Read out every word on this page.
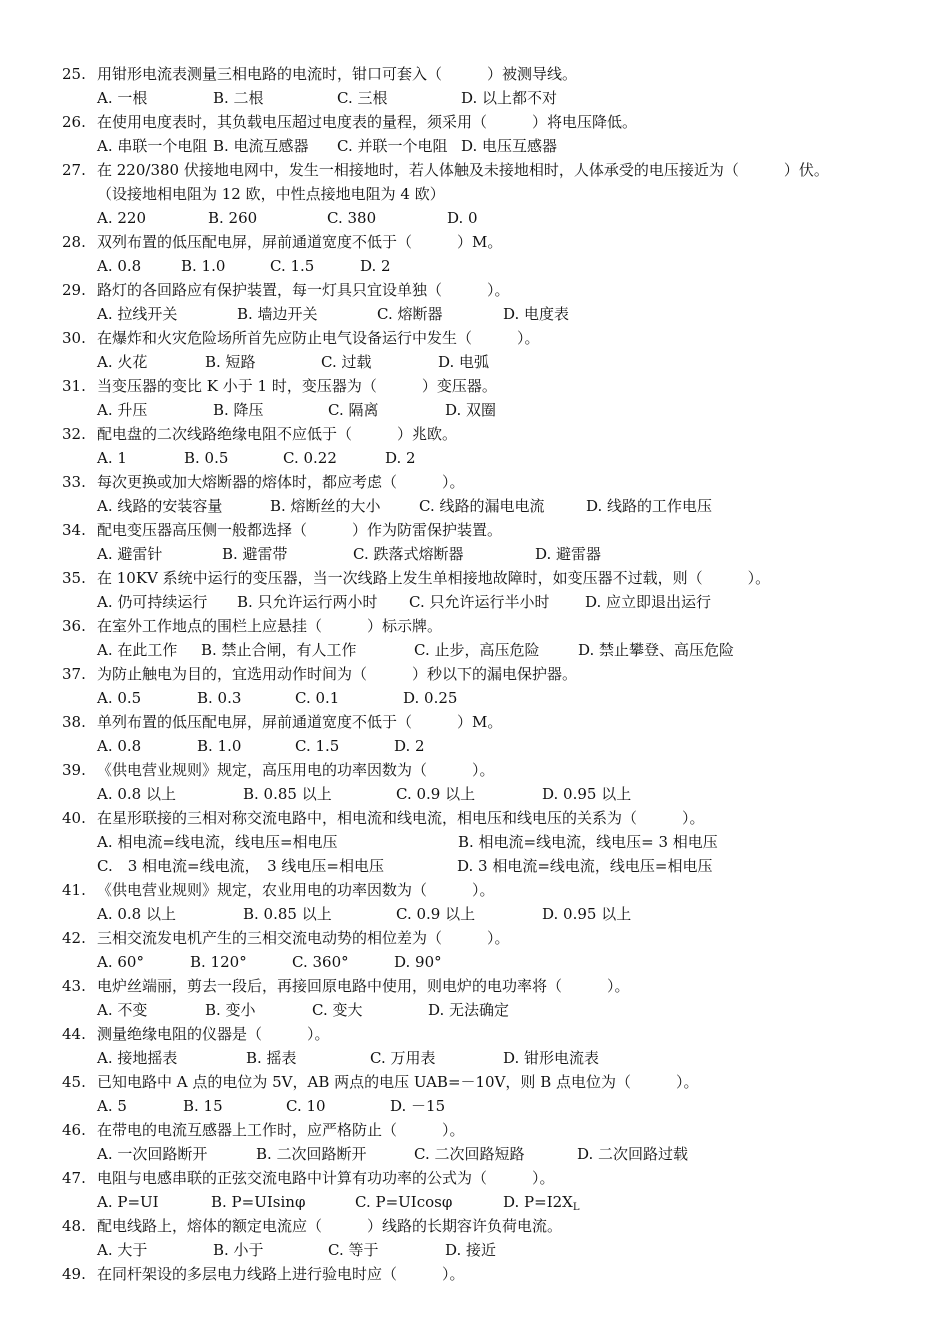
25. 用钳形电流表测量三相电路的电流时，钳口可套入（　　　）被测导线。
A. 一根	B. 二根	C. 三根	D. 以上都不对
26. 在使用电度表时，其负载电压超过电度表的量程，须采用（　　　）将电压降低。
A. 串联一个电阻 B. 电流互感器 C. 并联一个电阻 D. 电压互感器
27. 在 220/380 伏接地电网中，发生一相接地时，若人体触及未接地相时，人体承受的电压接近为（　　　）伏。
（设接地相电阻为 12 欧，中性点接地电阻为 4 欧）
A. 220	B. 260	C. 380	D. 0
28. 双列布置的低压配电屏，屏前通道宽度不低于（　　　）M。
A. 0.8	B. 1.0	C. 1.5	D. 2
29. 路灯的各回路应有保护装置，每一灯具只宜设单独（　　　）。
A. 拉线开关	B. 墙边开关	C. 熔断器	D. 电度表
30. 在爆炸和火灾危险场所首先应防止电气设备运行中发生（　　　）。
A. 火花	B. 短路	C. 过载	D. 电弧
31. 当变压器的变比 K 小于 1 时，变压器为（　　　）变压器。
A. 升压	B. 降压	C. 隔离	D. 双圈
32. 配电盘的二次线路绝缘电阻不应低于（　　　）兆欧。
A. 1	B. 0.5	C. 0.22	D. 2
33. 每次更换或加大熔断器的熔体时，都应考虑（　　　）。
A. 线路的安装容量	B. 熔断丝的大小	C. 线路的漏电电流	D. 线路的工作电压
34. 配电变压器高压侧一般都选择（　　　）作为防雷保护装置。
A. 避雷针	B. 避雷带	C. 跌落式熔断器	D. 避雷器
35. 在 10KV 系统中运行的变压器，当一次线路上发生单相接地故障时，如变压器不过载，则（　　　）。
A. 仍可持续运行 B. 只允许运行两小时 C. 只允许运行半小时 D. 应立即退出运行
36. 在室外工作地点的围栏上应悬挂（　　　）标示牌。
A. 在此工作 B. 禁止合闸，有人工作	C. 止步，高压危险	D. 禁止攀登、高压危险
37. 为防止触电为目的，宜选用动作时间为（　　　）秒以下的漏电保护器。
A. 0.5	B. 0.3	C. 0.1	D. 0.25
38. 单列布置的低压配电屏，屏前通道宽度不低于（　　　）M。
A. 0.8	B. 1.0	C. 1.5	D. 2
39. 《供电营业规则》规定，高压用电的功率因数为（　　　）。
A. 0.8 以上	B. 0.85 以上	C. 0.9 以上	D. 0.95 以上
40. 在星形联接的三相对称交流电路中，相电流和线电流，相电压和线电压的关系为（　　　）。
A. 相电流=线电流，线电压=相电压	B. 相电流=线电流，线电压= 3 相电压
C.　3 相电流=线电流，　3 线电压=相电压	D. 3 相电流=线电流，线电压=相电压
41. 《供电营业规则》规定，农业用电的功率因数为（　　　）。
A. 0.8 以上	B. 0.85 以上	C. 0.9 以上	D. 0.95 以上
42. 三相交流发电机产生的三相交流电动势的相位差为（　　　）。
A. 60°	B. 120°	C. 360°	D. 90°
43. 电炉丝端丽，剪去一段后，再接回原电路中使用，则电炉的电功率将（　　　）。
A. 不变	B. 变小	C. 变大	D. 无法确定
44. 测量绝缘电阻的仪器是（　　　）。
A. 接地摇表	B. 摇表	C. 万用表	D. 钳形电流表
45. 已知电路中 A 点的电位为 5V，AB 两点的电压 UAB=－10V，则 B 点电位为（　　　）。
A. 5	B. 15	C. 10	D. －15
46. 在带电的电流互感器上工作时，应严格防止（　　　）。
A. 一次回路断开	B. 二次回路断开	C. 二次回路短路	D. 二次回路过载
47. 电阻与电感串联的正弦交流电路中计算有功功率的公式为（　　　）。
A. P=UI	B. P=UIsinφ	C. P=UIcosφ	D. $P=I2X_L$
48. 配电线路上，熔体的额定电流应（　　　）线路的长期容许负荷电流。
A. 大于	B. 小于	C. 等于	D. 接近
49. 在同杆架设的多层电力线路上进行验电时应（　　　）。
